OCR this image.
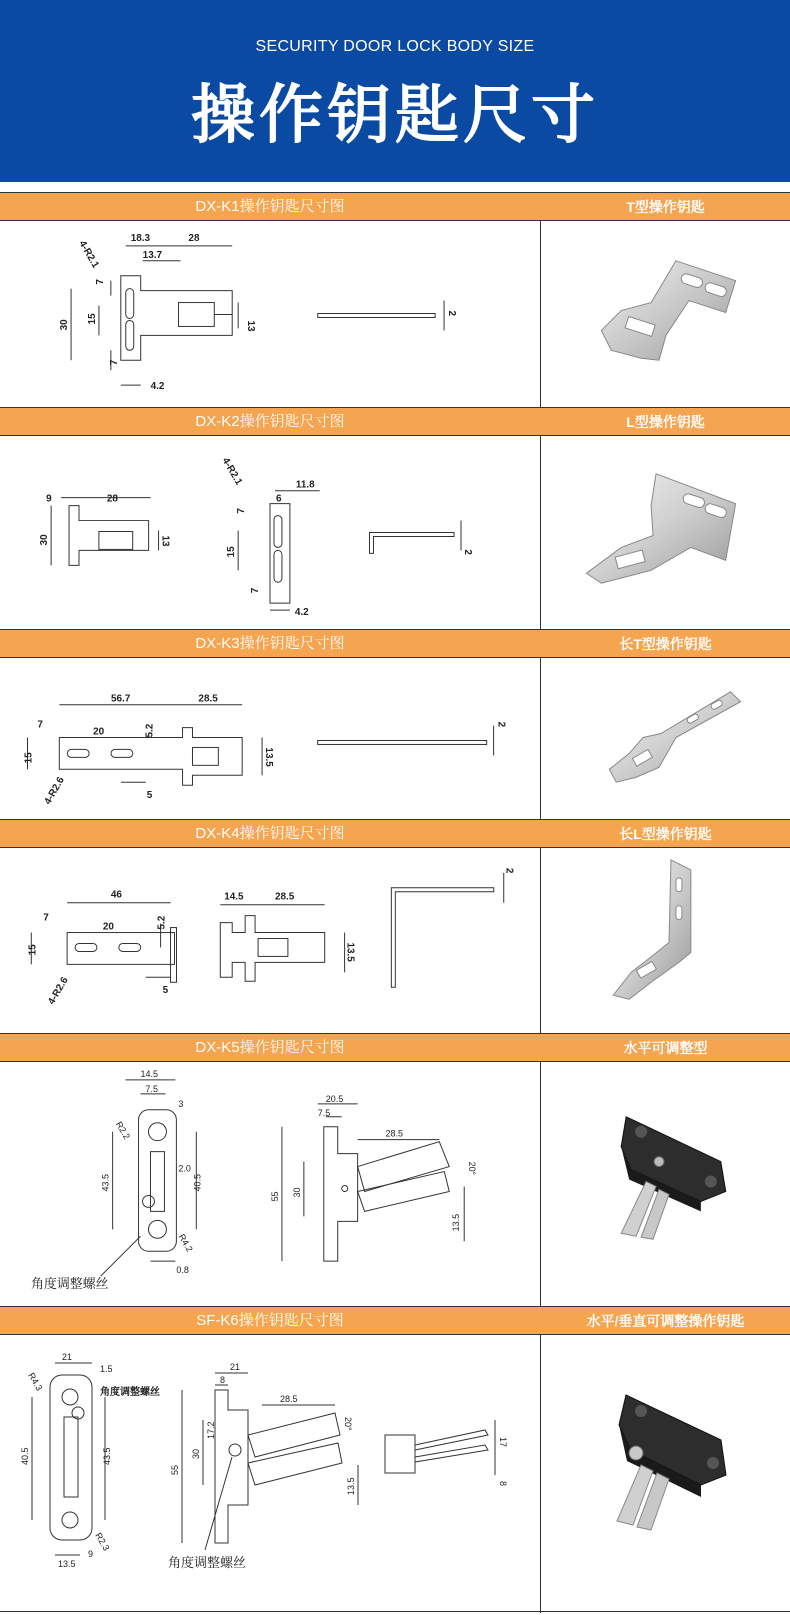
SECURITY DOOR LOCK BODY SIZE
操作钥匙尺寸
DX-K1操作钥匙尺寸图	T型操作钥匙
4-R2.1
18.3	28
13.7
7
30
15
7
13
4.2
2
DX-K2操作钥匙尺寸图	L型操作钥匙
9	28
30	13
4-R2.1	11.8
6
7
15
7
4.2
2
DX-K3操作钥匙尺寸图	长T型操作钥匙
56.7	28.5
7
20	5.2
15	13.5
4-R2.6	5
2
DX-K4操作钥匙尺寸图	长L型操作钥匙
46	14.5	28.5
7
20	5.2
15	13.5
4-R2.6	5
2
DX-K5操作钥匙尺寸图	水平可调整型
14.5
7.5
3
R2.2
2.0
43.5	40.5
R4.2
0.8
20.5
7.5
28.5
55 30
20°
13.5
角度调整螺丝
SF-K6操作钥匙尺寸图	水平/垂直可调整操作钥匙
21
1.5
R4.3
40.5	43.5
R2.3
13.5
9
21
8
28.5
55
30
17.2	20°
13.5
17
8
角度调整螺丝
角度调整螺丝
